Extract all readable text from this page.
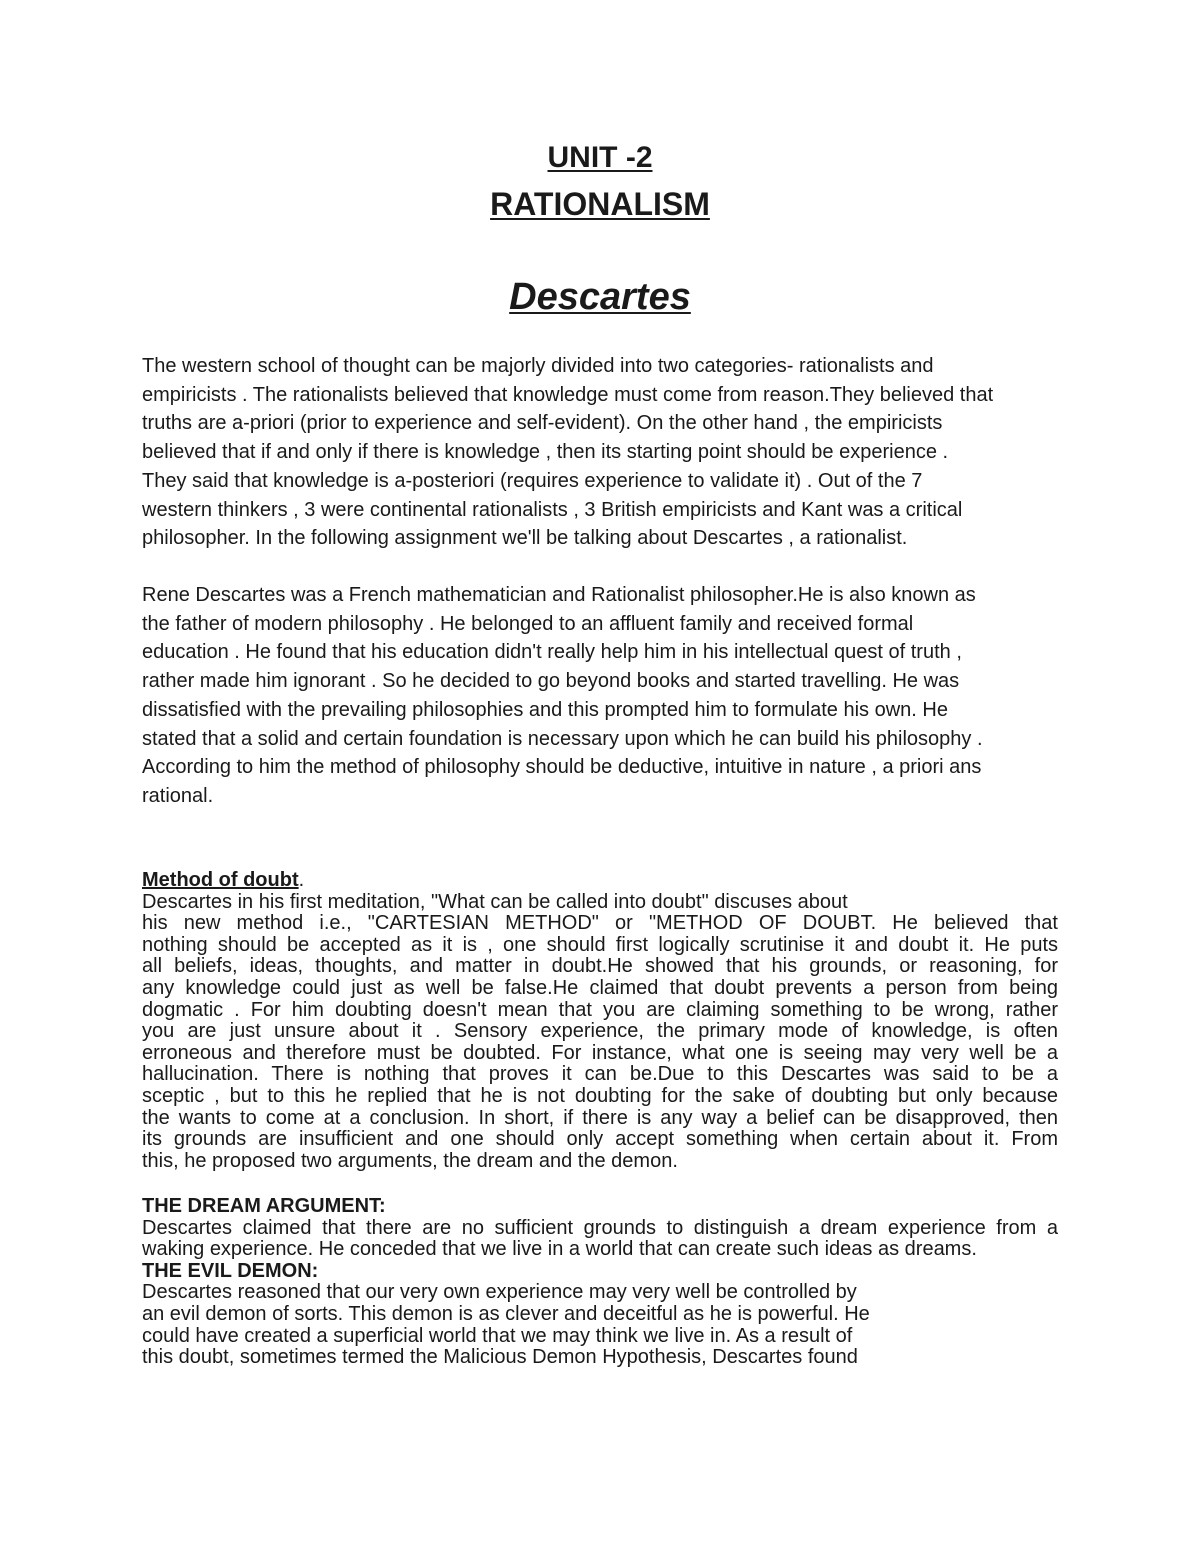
UNIT -2
RATIONALISM
Descartes
The western school of thought can be majorly divided into two categories- rationalists and
empiricists . The rationalists believed that knowledge must come from reason.They believed that
truths are a-priori (prior to experience and self-evident). On the other hand , the empiricists
believed that if and only if there is knowledge , then its starting point should be experience .
They said that knowledge is a-posteriori (requires experience to validate it) . Out of the 7
western thinkers , 3 were continental rationalists , 3 British empiricists and Kant was a critical
philosopher. In the following assignment we'll be talking about Descartes , a rationalist.
Rene Descartes was a French mathematician and Rationalist philosopher.He is also known as
the father of modern philosophy . He belonged to an affluent family and received formal
education . He found that his education didn't really help him in his intellectual quest of truth ,
rather made him ignorant . So he decided to go beyond books and started travelling. He was
dissatisfied with the prevailing philosophies and this prompted him to formulate his own. He
stated that a solid and certain foundation is necessary upon which he can build his philosophy .
According to him the method of philosophy should be deductive, intuitive in nature , a priori ans
rational.
Method of doubt.
Descartes in his first meditation, "What can be called into doubt" discuses about
his new method i.e., "CARTESIAN METHOD" or "METHOD OF DOUBT. He believed that
nothing should be accepted as it is , one should first logically scrutinise it and doubt it. He puts
all beliefs, ideas, thoughts, and matter in doubt.He showed that his grounds, or reasoning, for
any knowledge could just as well be false.He claimed that doubt prevents a person from being
dogmatic . For him doubting doesn't mean that you are claiming something to be wrong, rather
you are just unsure about it . Sensory experience, the primary mode of knowledge, is often
erroneous and therefore must be doubted. For instance, what one is seeing may very well be a
hallucination. There is nothing that proves it can be.Due to this Descartes was said to be a
sceptic , but to this he replied that he is not doubting for the sake of doubting but only because
the wants to come at a conclusion. In short, if there is any way a belief can be disapproved, then
its grounds are insufficient and one should only accept something when certain about it. From
this, he proposed two arguments, the dream and the demon.
THE DREAM ARGUMENT:
Descartes claimed that there are no sufficient grounds to distinguish a dream experience from a
waking experience. He conceded that we live in a world that can create such ideas as dreams.
THE EVIL DEMON:
Descartes reasoned that our very own experience may very well be controlled by
an evil demon of sorts. This demon is as clever and deceitful as he is powerful. He
could have created a superficial world that we may think we live in. As a result of
this doubt, sometimes termed the Malicious Demon Hypothesis, Descartes found
